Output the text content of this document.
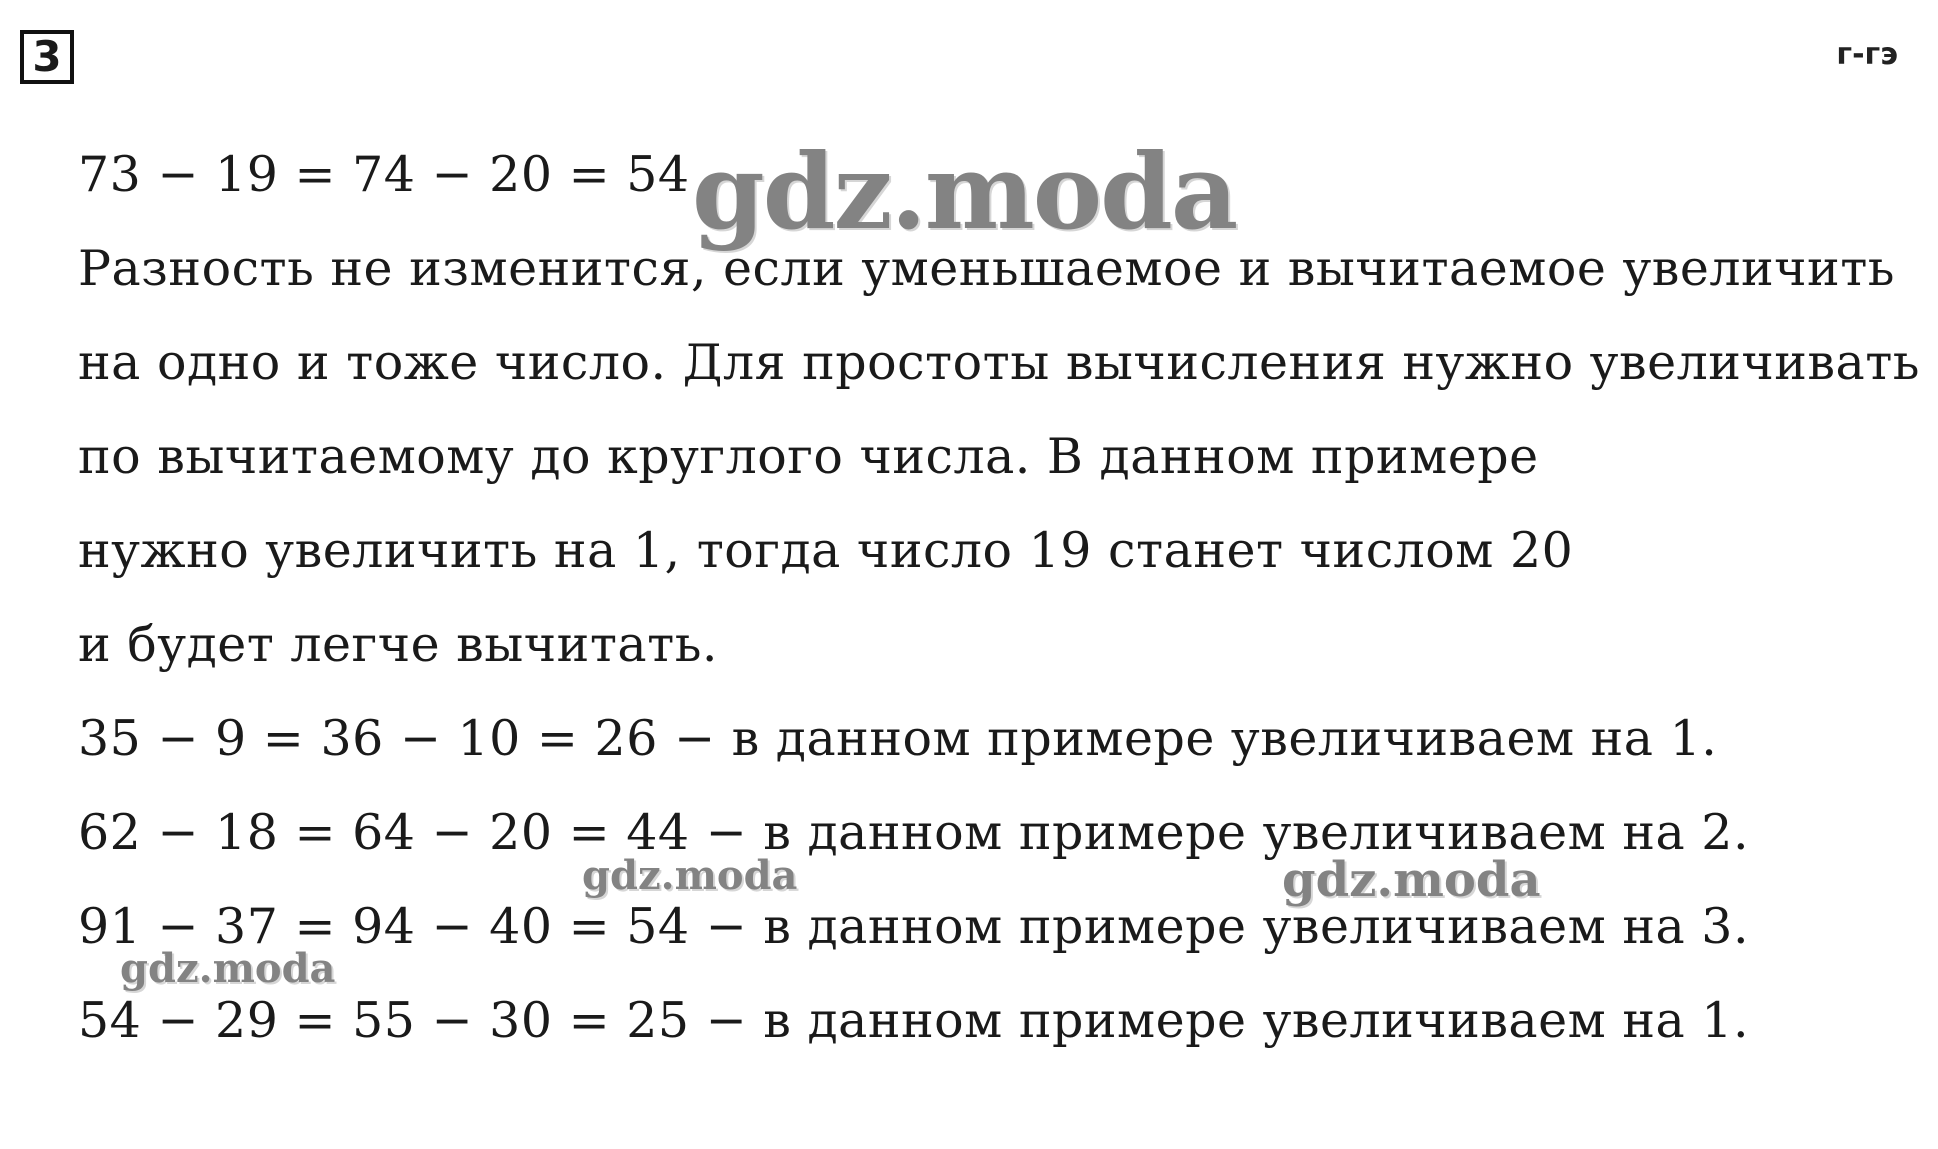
3	г-гэ
73 − 19 = 74 − 20 = 54
Разность не изменится, если уменьшаемое и вычитаемое увеличить
на одно и тоже число. Для простоты вычисления нужно увеличивать
по вычитаемому до круглого числа. В данном примере
нужно увеличить на 1, тогда число 19 станет числом 20
и будет легче вычитать.
35 − 9 = 36 − 10 = 26 − в данном примере увеличиваем на 1.
62 − 18 = 64 − 20 = 44 − в данном примере увеличиваем на 2.
91 − 37 = 94 − 40 = 54 − в данном примере увеличиваем на 3.
54 − 29 = 55 − 30 = 25 − в данном примере увеличиваем на 1.
gdz.moda
gdz.moda	gdz.moda
gdz.moda
